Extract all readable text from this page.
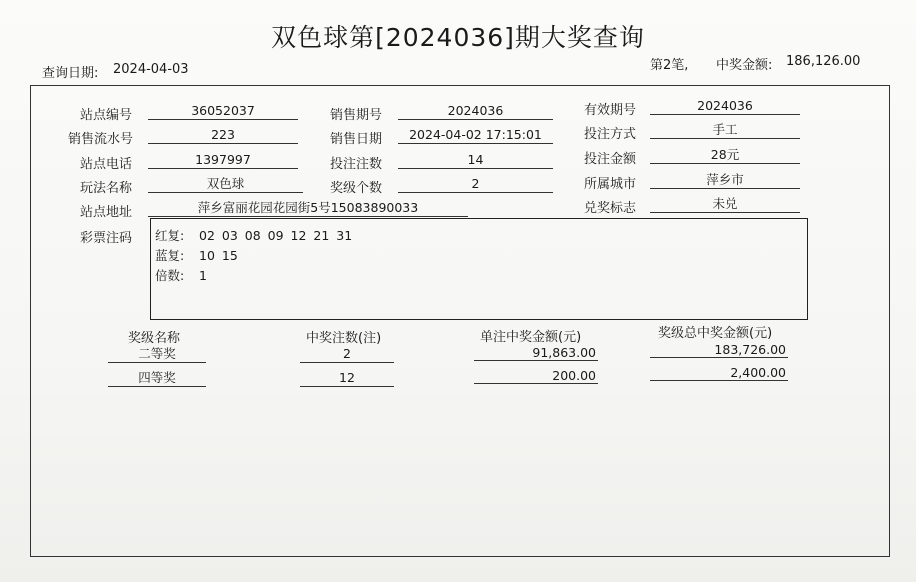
双色球第[2024036]期大奖查询
查询日期: 2024-04-03	第2笔, 中奖金额: 186,126.00
站点编号	36052037	销售期号	2024036	有效期号	2024036
销售流水号	223	销售日期	2024-04-02 17:15:01	投注方式	手工
站点电话	1397997	投注注数	14	投注金额	28元
玩法名称	双色球	奖级个数	2	所属城市	萍乡市
站点地址	萍乡富丽花园花园街5号15083890033	兑奖标志	未兑
彩票注码 红复: 02 03 08 09 12 21 31
蓝复: 10 15
倍数: 1
奖级名称	中奖注数(注)	单注中奖金额(元)	奖级总中奖金额(元)
二等奖	2	91,863.00	183,726.00
四等奖	12	200.00	2,400.00
